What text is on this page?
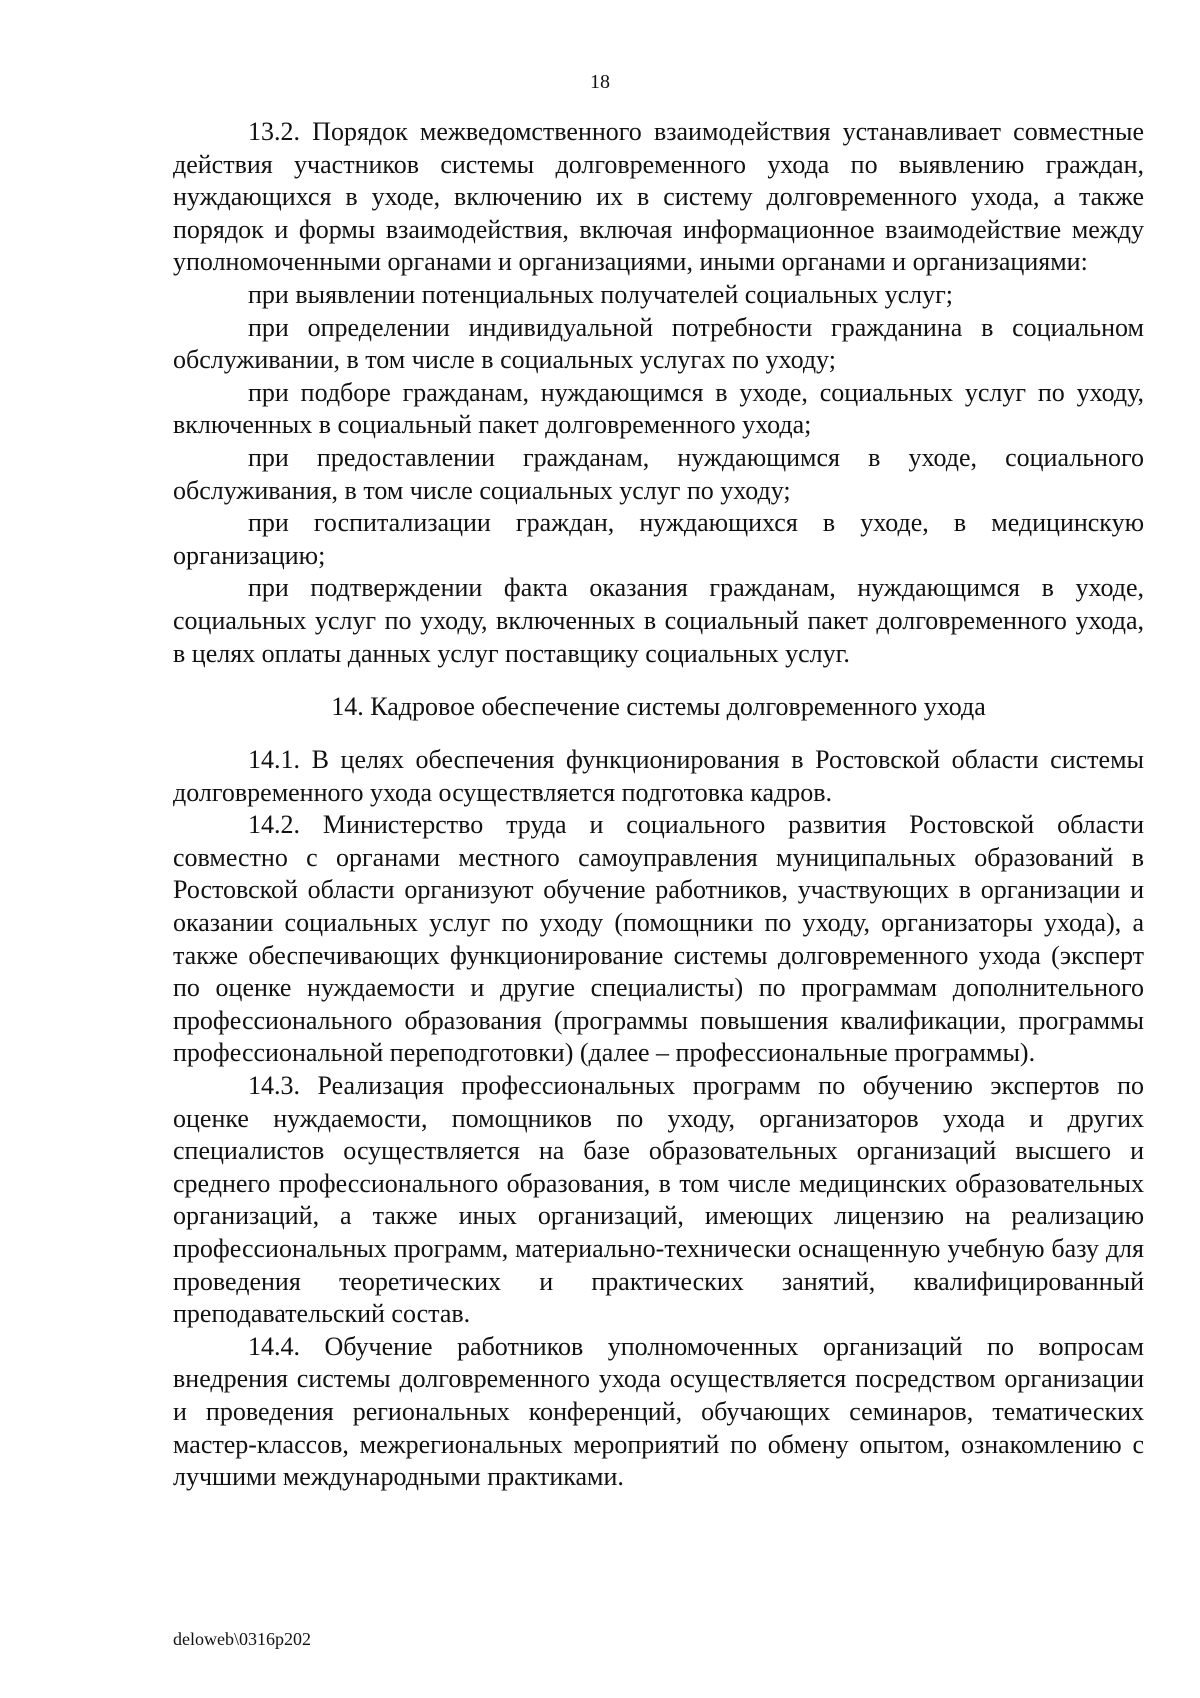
18

13.2. Порядок межведомственного взаимодействия устанавливает совместные действия участников системы долговременного ухода по выявлению граждан, нуждающихся в уходе, включению их в систему долговременного ухода, а также порядок и формы взаимодействия, включая информационное взаимодействие между уполномоченными органами и организациями, иными органами и организациями:

при выявлении потенциальных получателей социальных услуг;

при определении индивидуальной потребности гражданина в социальном обслуживании, в том числе в социальных услугах по уходу;

при подборе гражданам, нуждающимся в уходе, социальных услуг по уходу, включенных в социальный пакет долговременного ухода;

при предоставлении гражданам, нуждающимся в уходе, социального обслуживания, в том числе социальных услуг по уходу;

при госпитализации граждан, нуждающихся в уходе, в медицинскую организацию;

при подтверждении факта оказания гражданам, нуждающимся в уходе, социальных услуг по уходу, включенных в социальный пакет долговременного ухода, в целях оплаты данных услуг поставщику социальных услуг.

14. Кадровое обеспечение системы долговременного ухода

14.1. В целях обеспечения функционирования в Ростовской области системы долговременного ухода осуществляется подготовка кадров.

14.2. Министерство труда и социального развития Ростовской области совместно с органами местного самоуправления муниципальных образований в Ростовской области организуют обучение работников, участвующих в организации и оказании социальных услуг по уходу (помощники по уходу, организаторы ухода), а также обеспечивающих функционирование системы долговременного ухода (эксперт по оценке нуждаемости и другие специалисты) по программам дополнительного профессионального образования (программы повышения квалификации, программы профессиональной переподготовки) (далее – профессиональные программы).

14.3. Реализация профессиональных программ по обучению экспертов по оценке нуждаемости, помощников по уходу, организаторов ухода и других специалистов осуществляется на базе образовательных организаций высшего и среднего профессионального образования, в том числе медицинских образовательных организаций, а также иных организаций, имеющих лицензию на реализацию профессиональных программ, материально-технически оснащенную учебную базу для проведения теоретических и практических занятий, квалифицированный преподавательский состав.

14.4. Обучение работников уполномоченных организаций по вопросам внедрения системы долговременного ухода осуществляется посредством организации и проведения региональных конференций, обучающих семинаров, тематических мастер-классов, межрегиональных мероприятий по обмену опытом, ознакомлению с лучшими международными практиками.

deloweb\0316p202
